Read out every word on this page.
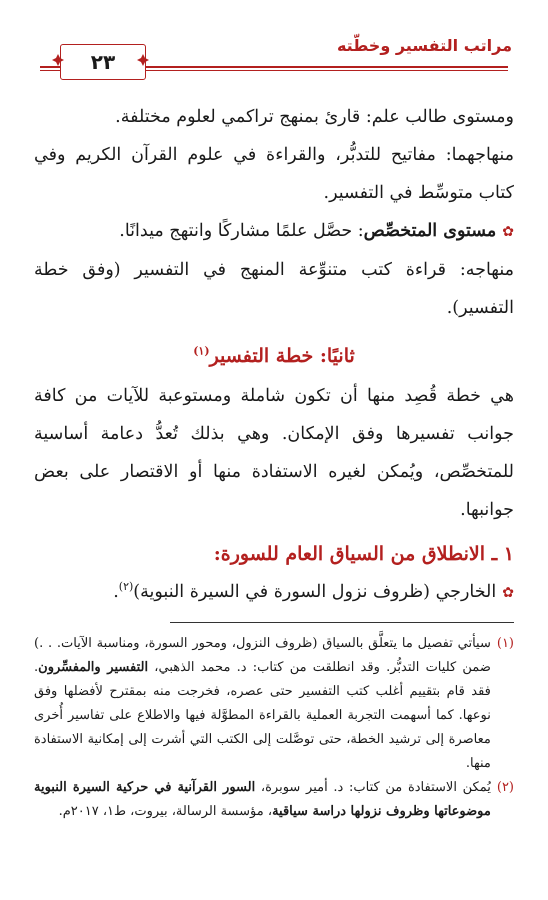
مراتب التفسير وخطّته
٢٣

ومستوى طالب علم: قارئ بمنهج تراكمي لعلوم مختلفة.

منهاجهما: مفاتيح للتدبُّر، والقراءة في علوم القرآن الكريم وفي كتاب متوسِّط في التفسير.

✿مستوى المتخصِّص: حصَّل علمًا مشاركًا وانتهج ميدانًا.

منهاجه: قراءة كتب متنوِّعة المنهج في التفسير (وفق خطة التفسير).

ثانيًا: خطة التفسير$^{(١)}$

هي خطة قُصِد منها أن تكون شاملة ومستوعبة للآيات من كافة جوانب تفسيرها وفق الإمكان. وهي بذلك تُعدُّ دعامة أساسية للمتخصِّص، ويُمكن لغيره الاستفادة منها أو الاقتصار على بعض جوانبها.

١ ـ الانطلاق من السياق العام للسورة:

✿الخارجي (ظروف نزول السورة في السيرة النبوية)$^{(٢)}$.

(١)
سيأتي تفصيل ما يتعلَّق بالسياق (ظروف النزول، ومحور السورة، ومناسبة الآيات. . .) ضمن كليات التدبُّر. وقد انطلقت من كتاب: د. محمد الذهبي، التفسير والمفسِّرون. فقد قام بتقييم أغلب كتب التفسير حتى عصره، فخرجت منه بمقترح لأفضلها وفق نوعها. كما أسهمت التجربة العملية بالقراءة المطوَّلة فيها والاطلاع على تفاسير أُخرى معاصرة إلى ترشيد الخطة، حتى توصَّلت إلى الكتب التي أشرت إلى إمكانية الاستفادة منها.
(٢)
يُمكن الاستفادة من كتاب: د. أمير سوبرة، السور القرآنية في حركية السيرة النبوية موضوعاتها وظروف نزولها دراسة سياقية، مؤسسة الرسالة، بيروت، ط١، ٢٠١٧م.
